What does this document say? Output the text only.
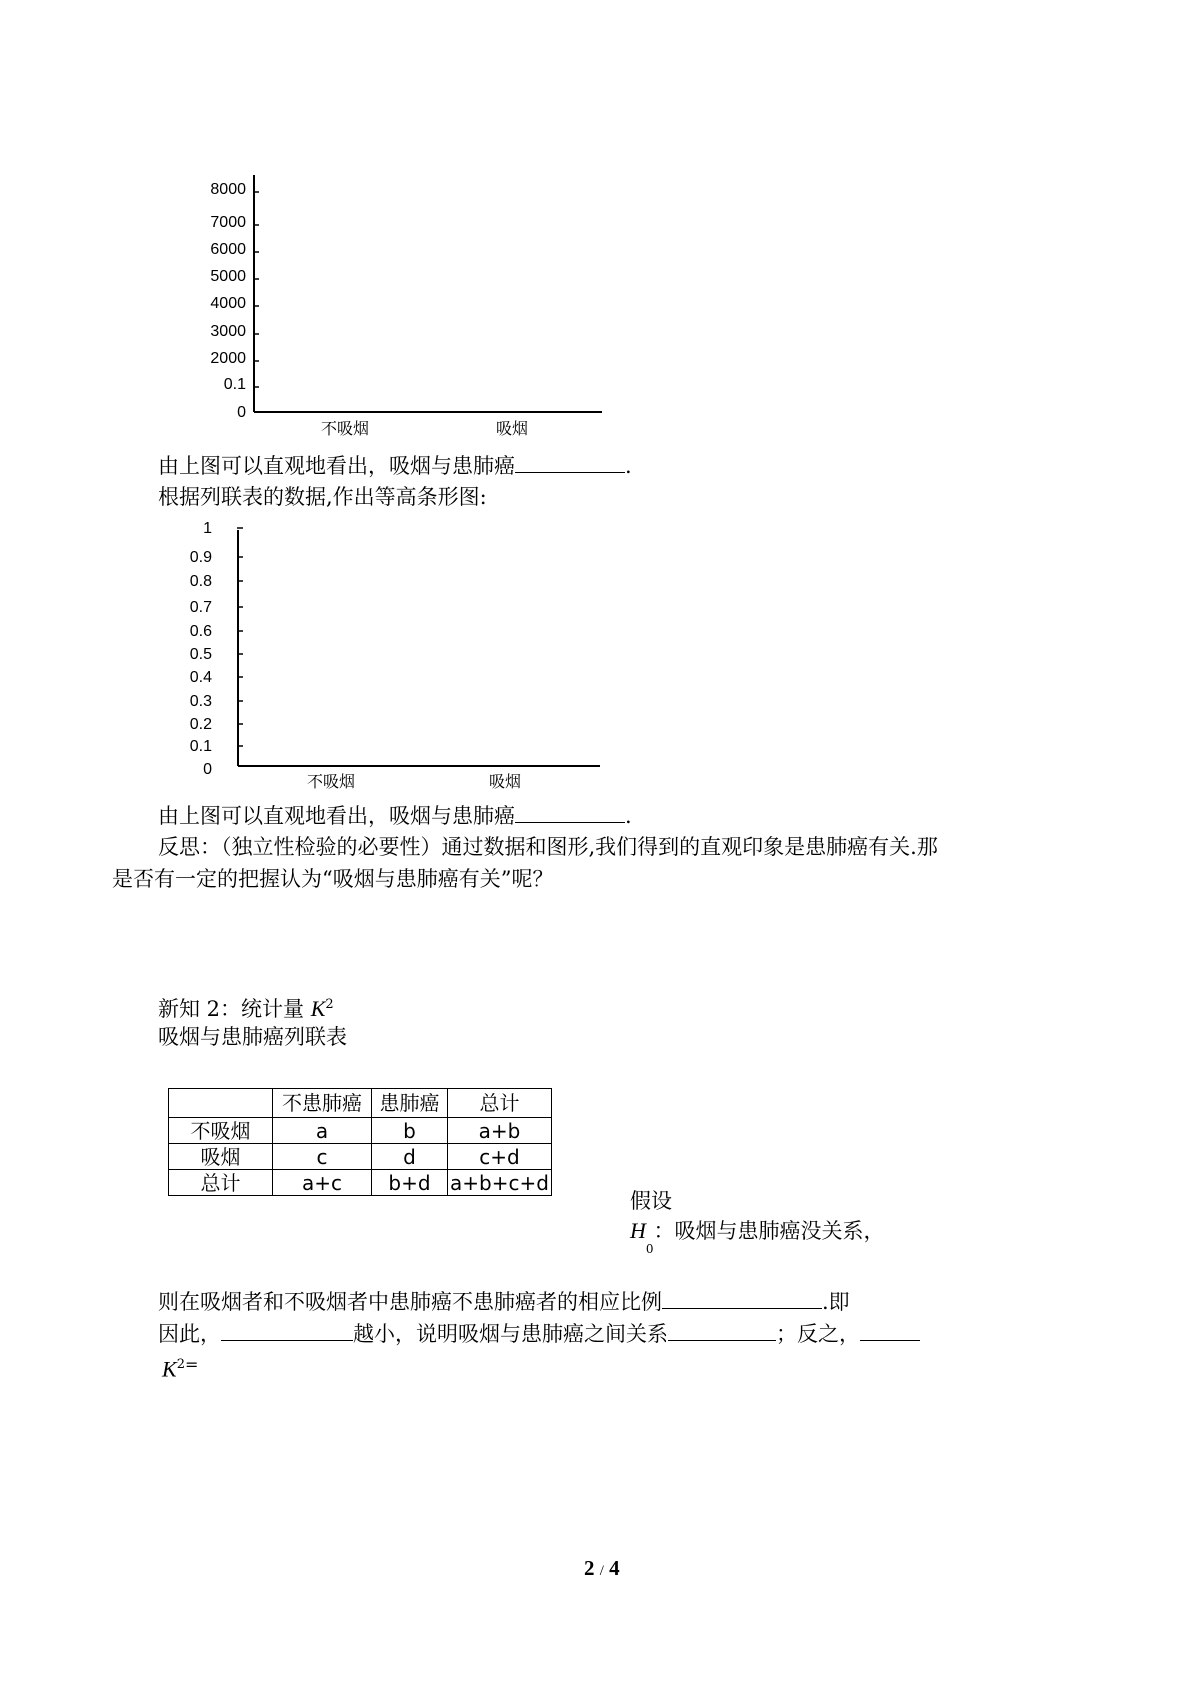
0
0.1
2000
3000
4000
5000
6000
7000
8000
不吸烟	吸烟
0
0.1
0.2
0.3
0.4
0.5
0.6
0.7
0.8
0.9
1
不吸烟	吸烟
由上图可以直观地看出，吸烟与患肺癌	.
根据列联表的数据,作出等高条形图:
由上图可以直观地看出，吸烟与患肺癌	.
反思：（独立性检验的必要性）通过数据和图形,我们得到的直观印象是患肺癌有关.那
是否有一定的把握认为“吸烟与患肺癌有关”呢？
新知 2：统计量 $K^2$
吸烟与患肺癌列联表
	不患肺癌	患肺癌	总计
不吸烟	a	b	a+b
吸烟	c	d	c+d
总计	a+c	b+d	a+b+c+d
假设
$H_0$：吸烟与患肺癌没关系，
则在吸烟者和不吸烟者中患肺癌不患肺癌者的相应比例	.即
因此，	越小，说明吸烟与患肺癌之间关系	；反之，
$K^{2=}$
2 / 4
